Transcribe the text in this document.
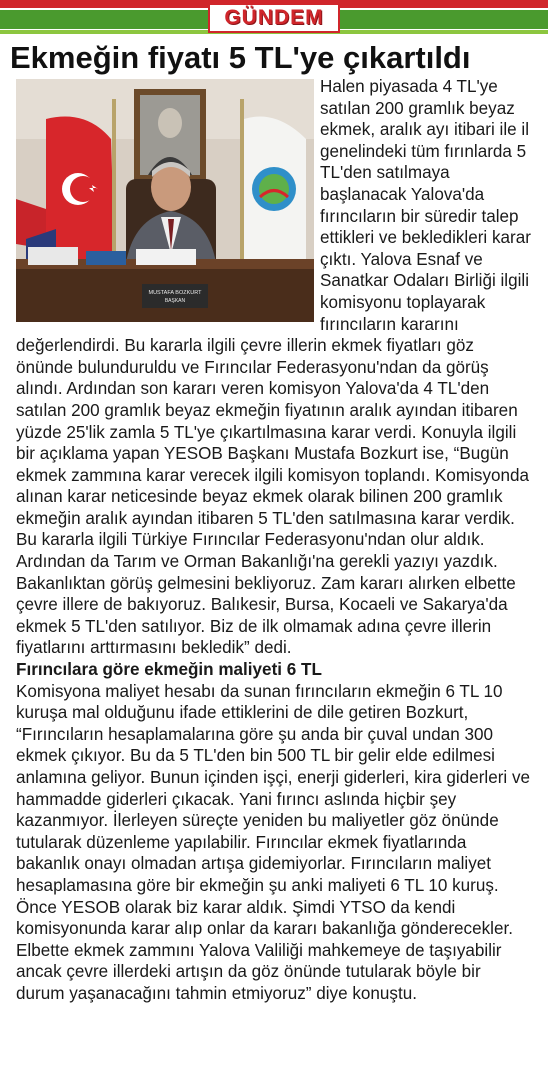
GÜNDEM
Ekmeğin fiyatı 5 TL'ye çıkartıldı
MUSTAFA BOZKURT
BAŞKAN

Halen piyasada 4 TL'ye satılan 200 gramlık beyaz ekmek, aralık ayı itibari ile il genelindeki tüm fırınlarda 5 TL'den satılmaya başlanacak Yalova'da fırıncıların bir süredir talep ettikleri ve bekledikleri karar çıktı. Yalova Esnaf ve Sanatkar Odaları Birliği ilgili komisyonu toplayarak fırıncıların kararını değerlendirdi. Bu kararla ilgili çevre illerin ekmek fiyatları göz önünde bulunduruldu ve Fırıncılar Federasyonu'ndan da görüş alındı. Ardından son kararı veren komisyon Yalova'da 4 TL'den satılan 200 gramlık beyaz ekmeğin fiyatının aralık ayından itibaren yüzde 25'lik zamla 5 TL'ye çıkartılmasına karar verdi. Konuyla ilgili bir açıklama yapan YESOB Başkanı Mustafa Bozkurt ise, “Bugün ekmek zammına karar verecek ilgili komisyon toplandı. Komisyonda alınan karar neticesinde beyaz ekmek olarak bilinen 200 gramlık ekmeğin aralık ayından itibaren 5 TL'den satılmasına karar verdik. Bu kararla ilgili Türkiye Fırıncılar Federasyonu'ndan olur aldık. Ardından da Tarım ve Orman Bakanlığı'na gerekli yazıyı yazdık. Bakanlıktan görüş gelmesini bekliyoruz. Zam kararı alırken elbette çevre illere de bakıyoruz. Balıkesir, Bursa, Kocaeli ve Sakarya'da ekmek 5 TL'den satılıyor. Biz de ilk olmamak adına çevre illerin fiyatlarını arttırmasını bekledik” dedi.

Fırıncılara göre ekmeğin maliyeti 6 TL

Komisyona maliyet hesabı da sunan fırıncıların ekmeğin 6 TL 10 kuruşa mal olduğunu ifade ettiklerini de dile getiren Bozkurt, “Fırıncıların hesaplamalarına göre şu anda bir çuval undan 300 ekmek çıkıyor. Bu da 5 TL'den bin 500 TL bir gelir elde edilmesi anlamına geliyor. Bunun içinden işçi, enerji giderleri, kira giderleri ve hammadde giderleri çıkacak. Yani fırıncı aslında hiçbir şey kazanmıyor. İlerleyen süreçte yeniden bu maliyetler göz önünde tutularak düzenleme yapılabilir. Fırıncılar ekmek fiyatlarında bakanlık onayı olmadan artışa gidemiyorlar. Fırıncıların maliyet hesaplamasına göre bir ekmeğin şu anki maliyeti 6 TL 10 kuruş. Önce YESOB olarak biz karar aldık. Şimdi YTSO da kendi komisyonunda karar alıp onlar da kararı bakanlığa gönderecekler. Elbette ekmek zammını Yalova Valiliği mahkemeye de taşıyabilir ancak çevre illerdeki artışın da göz önünde tutularak böyle bir durum yaşanacağını tahmin etmiyoruz” diye konuştu.
